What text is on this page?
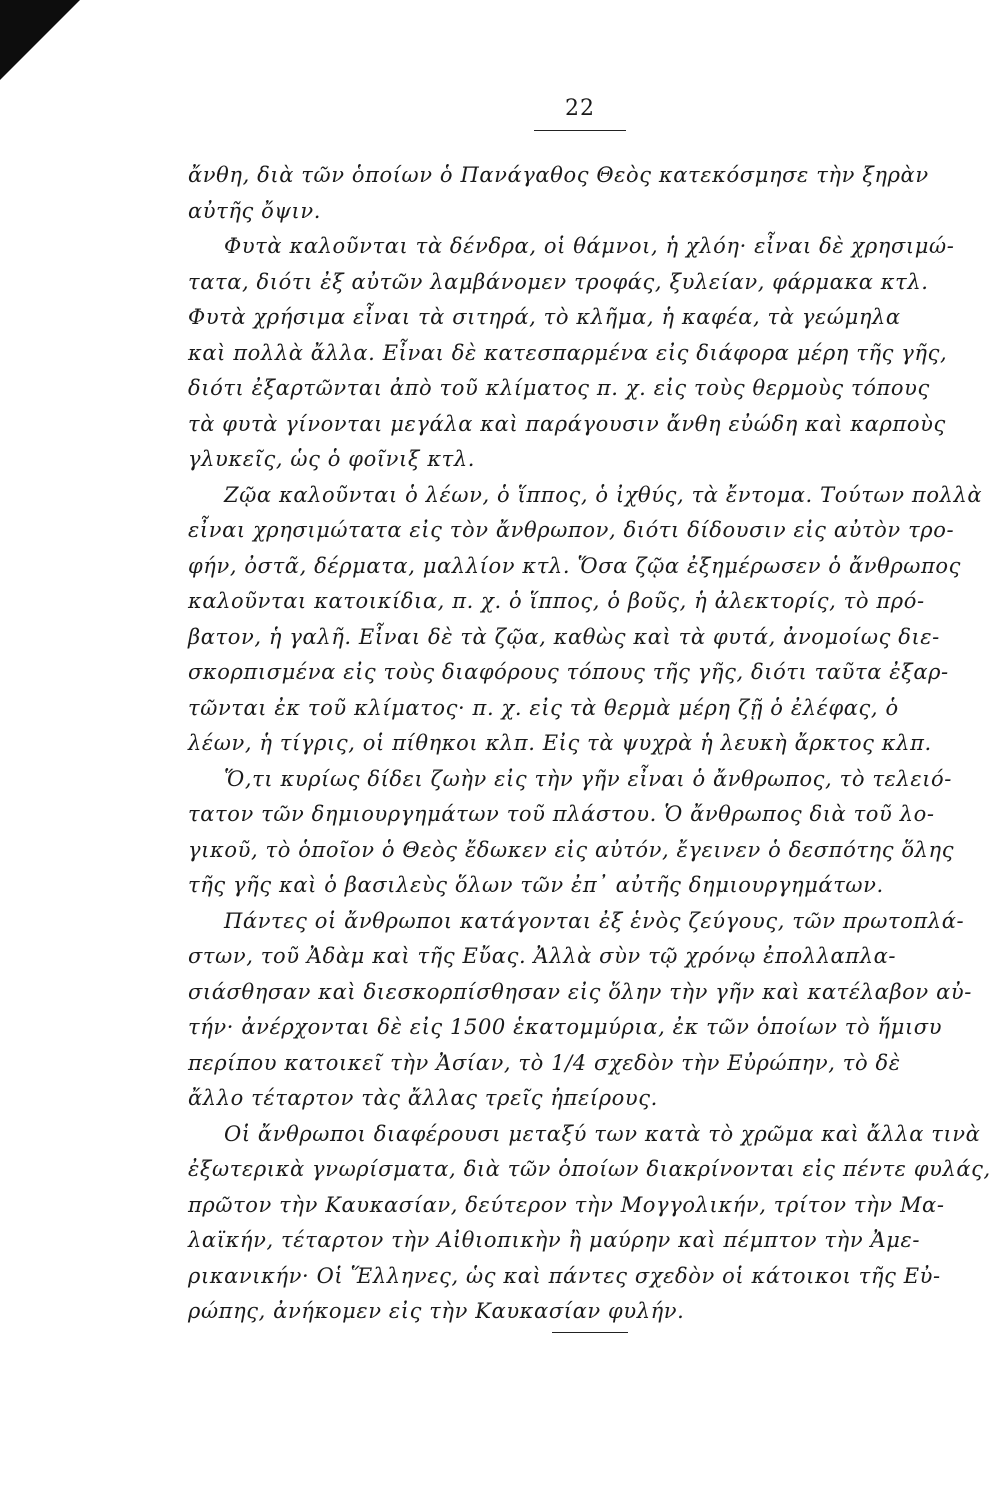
22
ἄνθη, διὰ τῶν ὁποίων ὁ Πανάγαθος Θεὸς κατεκόσμησε τὴν ξηρὰν
αὐτῆς ὄψιν.
Φυτὰ καλοῦνται τὰ δένδρα, οἱ θάμνοι, ἡ χλόη· εἶναι δὲ χρησιμώ-
τατα, διότι ἐξ αὐτῶν λαμβάνομεν τροφάς, ξυλείαν, φάρμακα κτλ.
Φυτὰ χρήσιμα εἶναι τὰ σιτηρά, τὸ κλῆμα, ἡ καφέα, τὰ γεώμηλα
καὶ πολλὰ ἄλλα. Εἶναι δὲ κατεσπαρμένα εἰς διάφορα μέρη τῆς γῆς,
διότι ἐξαρτῶνται ἀπὸ τοῦ κλίματος π. χ. εἰς τοὺς θερμοὺς τόπους
τὰ φυτὰ γίνονται μεγάλα καὶ παράγουσιν ἄνθη εὐώδη καὶ καρποὺς
γλυκεῖς, ὡς ὁ φοῖνιξ κτλ.
Ζῷα καλοῦνται ὁ λέων, ὁ ἵππος, ὁ ἰχθύς, τὰ ἔντομα. Τούτων πολλὰ
εἶναι χρησιμώτατα εἰς τὸν ἄνθρωπον, διότι δίδουσιν εἰς αὐτὸν τρο-
φήν, ὀστᾶ, δέρματα, μαλλίον κτλ. Ὅσα ζῷα ἐξημέρωσεν ὁ ἄνθρωπος
καλοῦνται κατοικίδια, π. χ. ὁ ἵππος, ὁ βοῦς, ἡ ἀλεκτορίς, τὸ πρό-
βατον, ἡ γαλῆ. Εἶναι δὲ τὰ ζῷα, καθὼς καὶ τὰ φυτά, ἀνομοίως διε-
σκορπισμένα εἰς τοὺς διαφόρους τόπους τῆς γῆς, διότι ταῦτα ἐξαρ-
τῶνται ἐκ τοῦ κλίματος· π. χ. εἰς τὰ θερμὰ μέρη ζῇ ὁ ἐλέφας, ὁ
λέων, ἡ τίγρις, οἱ πίθηκοι κλπ. Εἰς τὰ ψυχρὰ ἡ λευκὴ ἄρκτος κλπ.
Ὅ,τι κυρίως δίδει ζωὴν εἰς τὴν γῆν εἶναι ὁ ἄνθρωπος, τὸ τελειό-
τατον τῶν δημιουργημάτων τοῦ πλάστου. Ὁ ἄνθρωπος διὰ τοῦ λο-
γικοῦ, τὸ ὁποῖον ὁ Θεὸς ἔδωκεν εἰς αὐτόν, ἔγεινεν ὁ δεσπότης ὅλης
τῆς γῆς καὶ ὁ βασιλεὺς ὅλων τῶν ἐπ᾽ αὐτῆς δημιουργημάτων.
Πάντες οἱ ἄνθρωποι κατάγονται ἐξ ἑνὸς ζεύγους, τῶν πρωτοπλά-
στων, τοῦ Ἀδὰμ καὶ τῆς Εὔας. Ἀλλὰ σὺν τῷ χρόνῳ ἐπολλαπλα-
σιάσθησαν καὶ διεσκορπίσθησαν εἰς ὅλην τὴν γῆν καὶ κατέλαβον αὐ-
τήν· ἀνέρχονται δὲ εἰς 1500 ἑκατομμύρια, ἐκ τῶν ὁποίων τὸ ἥμισυ
περίπου κατοικεῖ τὴν Ἀσίαν, τὸ 1/4 σχεδὸν τὴν Εὐρώπην, τὸ δὲ
ἄλλο τέταρτον τὰς ἄλλας τρεῖς ἠπείρους.
Οἱ ἄνθρωποι διαφέρουσι μεταξύ των κατὰ τὸ χρῶμα καὶ ἄλλα τινὰ
ἐξωτερικὰ γνωρίσματα, διὰ τῶν ὁποίων διακρίνονται εἰς πέντε φυλάς,
πρῶτον τὴν Καυκασίαν, δεύτερον τὴν Μογγολικήν, τρίτον τὴν Μα-
λαϊκήν, τέταρτον τὴν Αἰθιοπικὴν ἢ μαύρην καὶ πέμπτον τὴν Ἀμε-
ρικανικήν· Οἱ Ἕλληνες, ὡς καὶ πάντες σχεδὸν οἱ κάτοικοι τῆς Εὐ-
ρώπης, ἀνήκομεν εἰς τὴν Καυκασίαν φυλήν.
